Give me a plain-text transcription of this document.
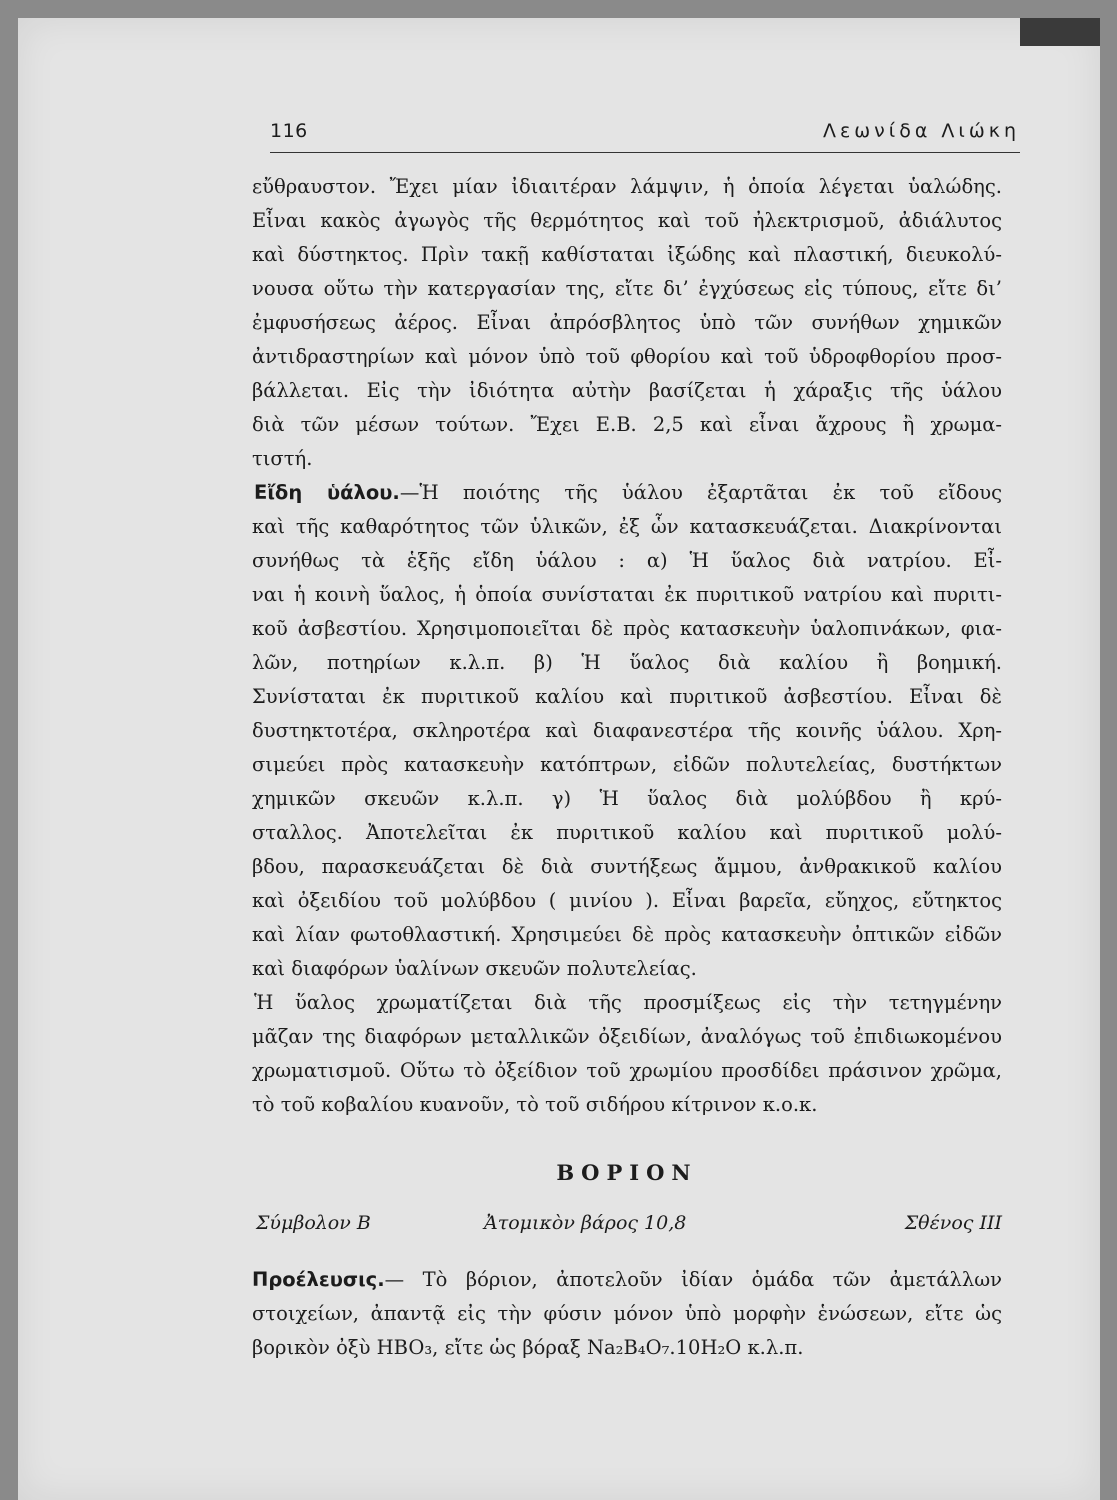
116	Λεωνίδα Λιώκη
εὔθραυστον. Ἔχει μίαν ἰδιαιτέραν λάμψιν, ἡ ὁποία λέγεται ὑαλώδης.
Εἶναι κακὸς ἀγωγὸς τῆς θερμότητος καὶ τοῦ ἠλεκτρισμοῦ, ἀδιάλυτος
καὶ δύστηκτος. Πρὶν τακῇ καθίσταται ἰξώδης καὶ πλαστική, διευκολύ-
νουσα οὕτω τὴν κατεργασίαν της, εἴτε δι’ ἐγχύσεως εἰς τύπους, εἴτε δι’
ἐμφυσήσεως ἀέρος. Εἶναι ἀπρόσβλητος ὑπὸ τῶν συνήθων χημικῶν
ἀντιδραστηρίων καὶ μόνον ὑπὸ τοῦ φθορίου καὶ τοῦ ὑδροφθορίου προσ-
βάλλεται. Εἰς τὴν ἰδιότητα αὐτὴν βασίζεται ἡ χάραξις τῆς ὑάλου
διὰ τῶν μέσων τούτων. Ἔχει Ε.Β. 2,5 καὶ εἶναι ἄχρους ἢ χρωμα-
τιστή.
Εἴδη ὑάλου.—Ἡ ποιότης τῆς ὑάλου ἐξαρτᾶται ἐκ τοῦ εἴδους
καὶ τῆς καθαρότητος τῶν ὑλικῶν, ἐξ ὧν κατασκευάζεται. Διακρίνονται
συνήθως τὰ ἑξῆς εἴδη ὑάλου : α) Ἡ ὕαλος διὰ νατρίου. Εἶ-
ναι ἡ κοινὴ ὕαλος, ἡ ὁποία συνίσταται ἐκ πυριτικοῦ νατρίου καὶ πυριτι-
κοῦ ἀσβεστίου. Χρησιμοποιεῖται δὲ πρὸς κατασκευὴν ὑαλοπινάκων, φια-
λῶν, ποτηρίων κ.λ.π. β) Ἡ ὕαλος διὰ καλίου ἢ βοημική.
Συνίσταται ἐκ πυριτικοῦ καλίου καὶ πυριτικοῦ ἀσβεστίου. Εἶναι δὲ
δυστηκτοτέρα, σκληροτέρα καὶ διαφανεστέρα τῆς κοινῆς ὑάλου. Χρη-
σιμεύει πρὸς κατασκευὴν κατόπτρων, εἰδῶν πολυτελείας, δυστήκτων
χημικῶν σκευῶν κ.λ.π. γ) Ἡ ὕαλος διὰ μολύβδου ἢ κρύ-
σταλλος. Ἀποτελεῖται ἐκ πυριτικοῦ καλίου καὶ πυριτικοῦ μολύ-
βδου, παρασκευάζεται δὲ διὰ συντήξεως ἄμμου, ἀνθρακικοῦ καλίου
καὶ ὀξειδίου τοῦ μολύβδου ( μινίου ). Εἶναι βαρεῖα, εὔηχος, εὔτηκτος
καὶ λίαν φωτοθλαστική. Χρησιμεύει δὲ πρὸς κατασκευὴν ὀπτικῶν εἰδῶν
καὶ διαφόρων ὑαλίνων σκευῶν πολυτελείας.
Ἡ ὕαλος χρωματίζεται διὰ τῆς προσμίξεως εἰς τὴν τετηγμένην
μᾶζαν της διαφόρων μεταλλικῶν ὀξειδίων, ἀναλόγως τοῦ ἐπιδιωκομένου
χρωματισμοῦ. Οὕτω τὸ ὀξείδιον τοῦ χρωμίου προσδίδει πράσινον χρῶμα,
τὸ τοῦ κοβαλίου κυανοῦν, τὸ τοῦ σιδήρου κίτρινον κ.ο.κ.
ΒΟΡΙΟΝ
Σύμβολον Β	Ἀτομικὸν βάρος 10,8	Σθένος ΙΙΙ
Προέλευσις.— Τὸ βόριον, ἀποτελοῦν ἰδίαν ὁμάδα τῶν ἀμετάλλων
στοιχείων, ἀπαντᾷ εἰς τὴν φύσιν μόνον ὑπὸ μορφὴν ἑνώσεων, εἴτε ὡς
βορικὸν ὀξὺ HBO₃, εἴτε ὡς βόραξ Na₂B₄O₇.10H₂O κ.λ.π.
